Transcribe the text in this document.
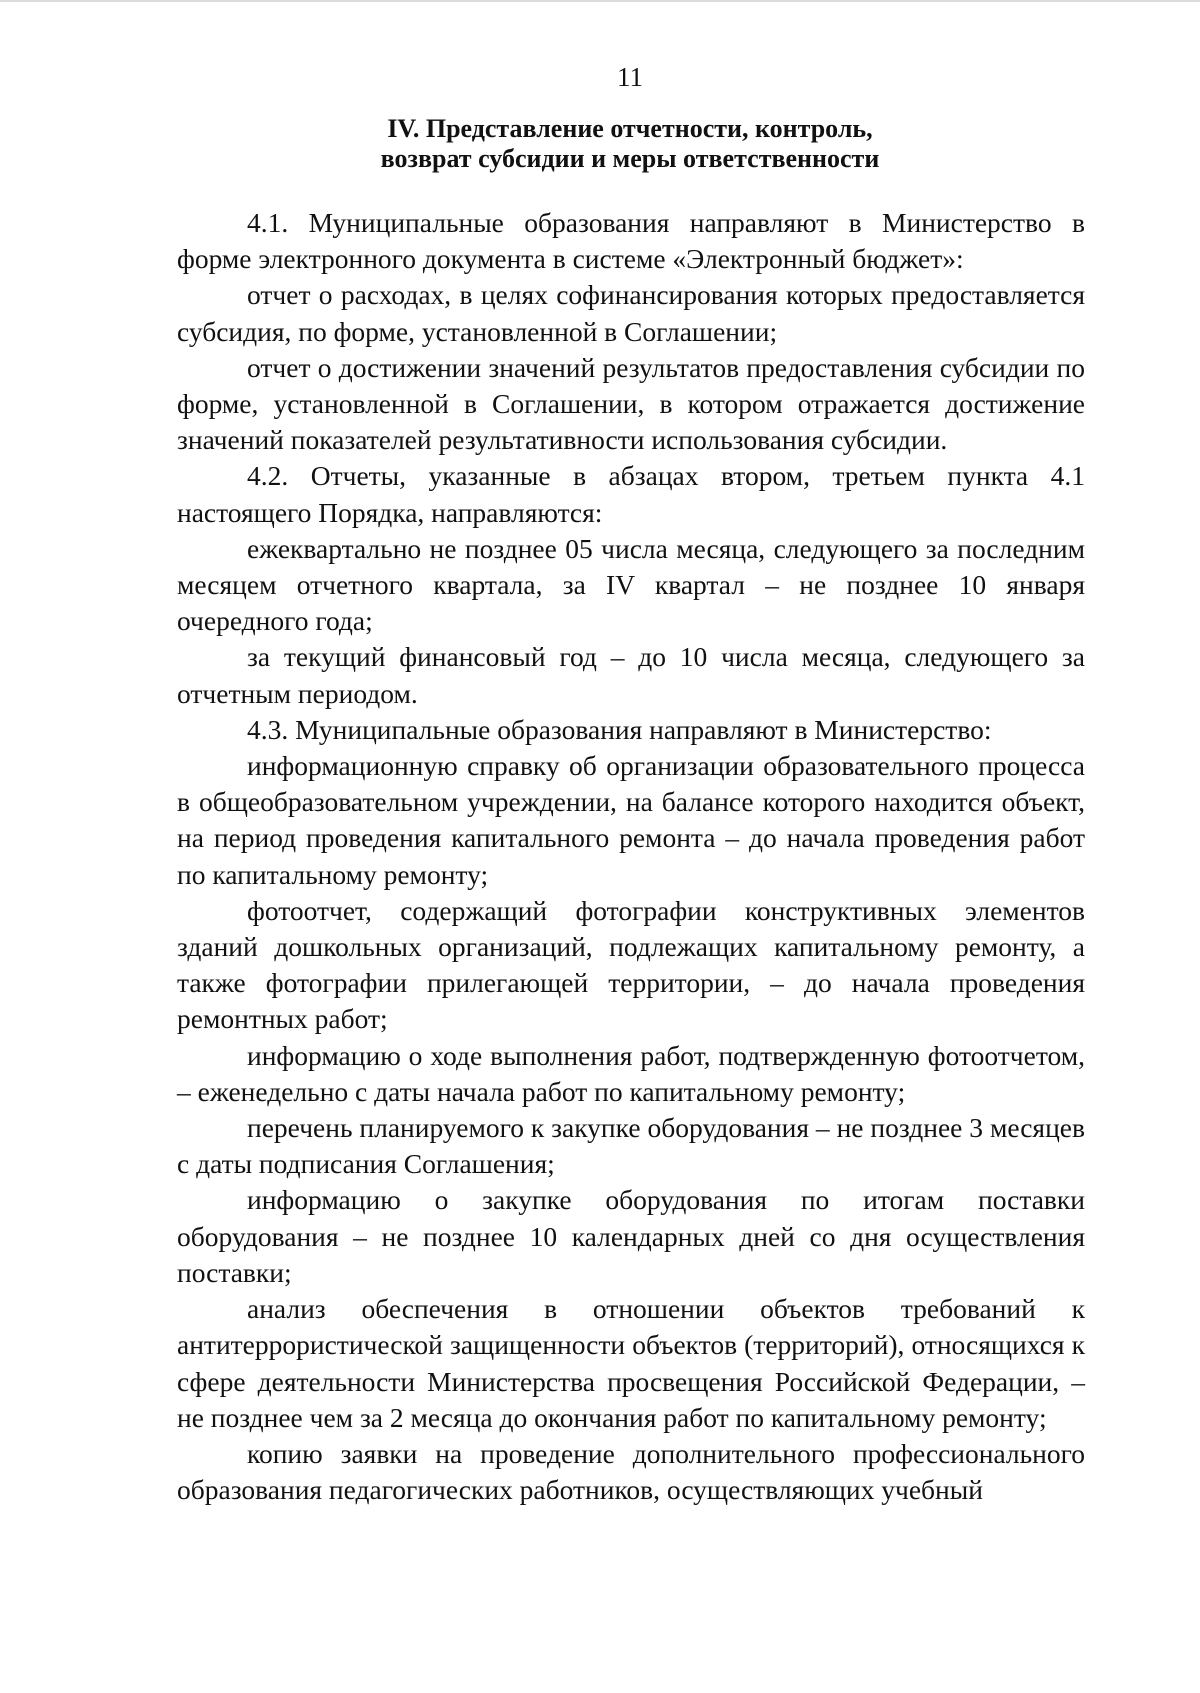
11
IV. Представление отчетности, контроль,
возврат субсидии и меры ответственности

4.1. Муниципальные образования направляют в Министерство в форме электронного документа в системе «Электронный бюджет»:

отчет о расходах, в целях софинансирования которых предоставляется субсидия, по форме, установленной в Соглашении;

отчет о достижении значений результатов предоставления субсидии по форме, установленной в Соглашении, в котором отражается достижение значений показателей результативности использования субсидии.

4.2. Отчеты, указанные в абзацах втором, третьем пункта 4.1 настоящего Порядка, направляются:

ежеквартально не позднее 05 числа месяца, следующего за последним месяцем отчетного квартала, за IV квартал – не позднее 10 января очередного года;

за текущий финансовый год – до 10 числа месяца, следующего за отчетным периодом.

4.3. Муниципальные образования направляют в Министерство:

информационную справку об организации образовательного процесса в общеобразовательном учреждении, на балансе которого находится объект, на период проведения капитального ремонта – до начала проведения работ по капитальному ремонту;

фотоотчет, содержащий фотографии конструктивных элементов зданий дошкольных организаций, подлежащих капитальному ремонту, а также фотографии прилегающей территории, – до начала проведения ремонтных работ;

информацию о ходе выполнения работ, подтвержденную фотоотчетом, – еженедельно с даты начала работ по капитальному ремонту;

перечень планируемого к закупке оборудования – не позднее 3 месяцев с даты подписания Соглашения;

информацию о закупке оборудования по итогам поставки оборудования – не позднее 10 календарных дней со дня осуществления поставки;

анализ обеспечения в отношении объектов требований к антитеррористической защищенности объектов (территорий), относящихся к сфере деятельности Министерства просвещения Российской Федерации, – не позднее чем за 2 месяца до окончания работ по капитальному ремонту;

копию заявки на проведение дополнительного профессионального образования педагогических работников, осуществляющих учебный
